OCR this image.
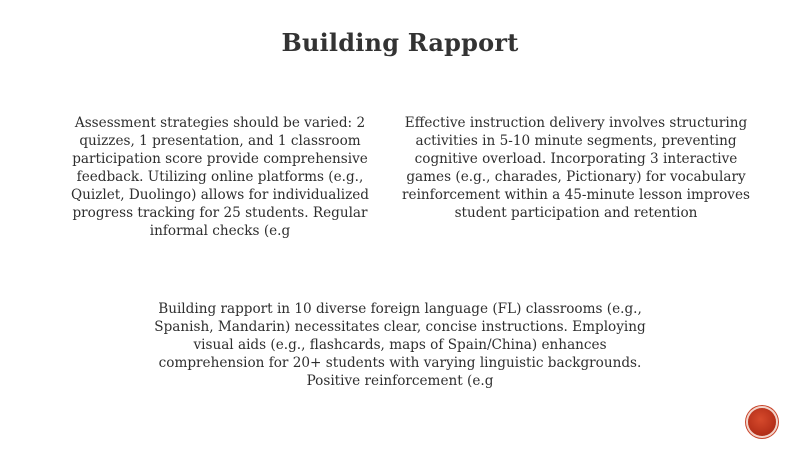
Building Rapport
Assessment strategies should be varied: 2 quizzes, 1 presentation, and 1 classroom participation score provide comprehensive feedback. Utilizing online platforms (e.g., Quizlet, Duolingo) allows for individualized progress tracking for 25 students. Regular informal checks (e.g
Effective instruction delivery involves structuring activities in 5-10 minute segments, preventing cognitive overload. Incorporating 3 interactive games (e.g., charades, Pictionary) for vocabulary reinforcement within a 45-minute lesson improves student participation and retention
Building rapport in 10 diverse foreign language (FL) classrooms (e.g., Spanish, Mandarin) necessitates clear, concise instructions. Employing visual aids (e.g., flashcards, maps of Spain/China) enhances comprehension for 20+ students with varying linguistic backgrounds. Positive reinforcement (e.g
